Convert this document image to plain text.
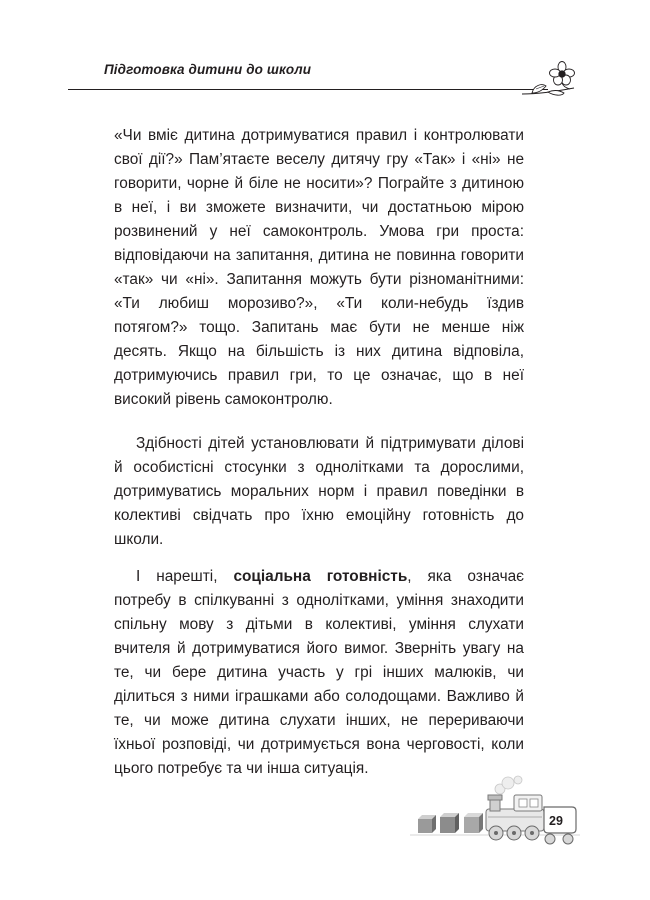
Підготовка дитини до школи

«Чи вміє дитина дотримуватися правил і контролювати свої дії?» Пам’ятаєте веселу дитячу гру «Так» і «ні» не говорити, чорне й біле не носити»? Пограйте з дитиною в неї, і ви зможете визначити, чи достатньою мірою розвинений у неї самоконтроль. Умова гри проста: відповідаючи на запитання, дитина не повинна говорити «так» чи «ні». Запитання можуть бути різноманітними: «Ти любиш морозиво?», «Ти коли-небудь їздив потягом?» тощо. Запитань має бути не менше ніж десять. Якщо на більшість із них дитина відповіла, дотримуючись правил гри, то це означає, що в неї високий рівень самоконтролю.

Здібності дітей установлювати й підтримувати ділові й особистісні стосунки з однолітками та дорослими, дотримуватись моральних норм і правил поведінки в колективі свідчать про їхню емоційну готовність до школи.

І нарешті, соціальна готовність, яка означає потребу в спілкуванні з однолітками, уміння знаходити спільну мову з дітьми в колективі, уміння слухати вчителя й дотримуватися його вимог. Зверніть увагу на те, чи бере дитина участь у грі інших малюків, чи ділиться з ними іграшками або солодощами. Важливо й те, чи може дитина слухати інших, не перериваючи їхньої розповіді, чи дотримується вона черговості, коли цього потребує та чи інша ситуація.

29
